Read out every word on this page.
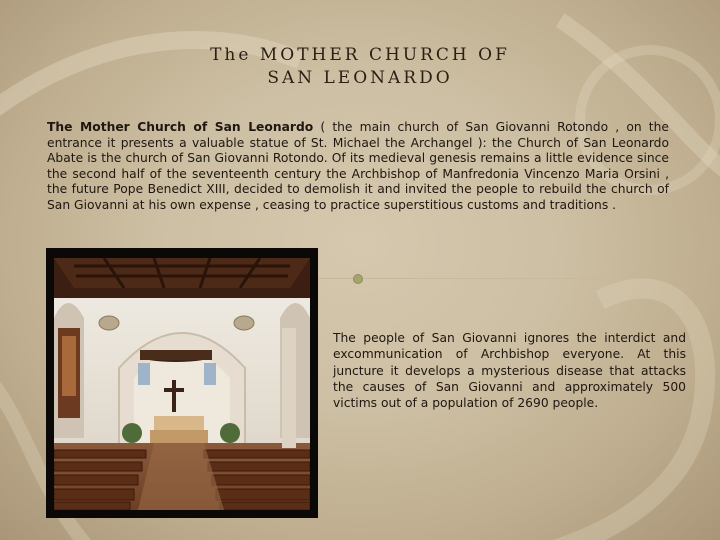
The MOTHER CHURCH OF
SAN LEONARDO
The Mother Church of San Leonardo ( the main church of San Giovanni Rotondo , on the entrance it presents a valuable statue of St. Michael the Archangel ): the Church of San Leonardo Abate is the church of San Giovanni Rotondo. Of its medieval genesis remains a little evidence since the second half of the seventeenth century the Archbishop of Manfredonia Vincenzo Maria Orsini , the future Pope Benedict XIII, decided to demolish it and invited the people to rebuild the church of San Giovanni at his own expense , ceasing to practice superstitious customs and traditions .
The people of San Giovanni ignores the interdict and excommunication of Archbishop everyone. At this juncture it develops a mysterious disease that attacks the causes of San Giovanni and approximately 500 victims out of a population of 2690 people.
